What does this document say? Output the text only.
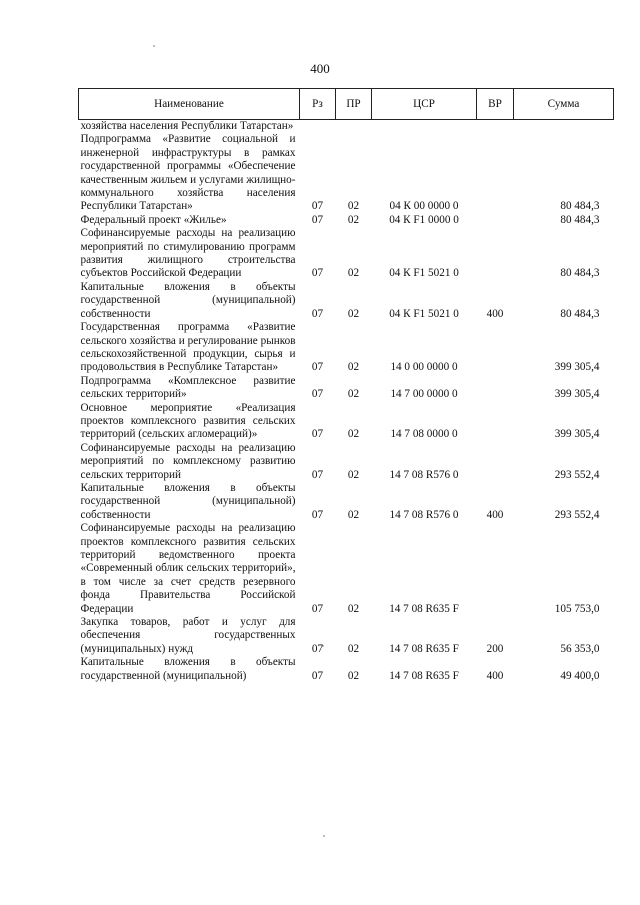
400
Наименование	Рз	ПР	ЦСР	ВР	Сумма
хозяйства населения Республики Татарстан»					
Подпрограмма «Развитие социальной и инженерной инфраструктуры в рамках государственной программы «Обеспечение качественным жильем и услугами жилищно-коммунального хозяйства населения Республики Татарстан»	07	02	04 К 00 0000 0		80 484,3
Федеральный проект «Жилье»	07	02	04 К F1 0000 0		80 484,3
Софинансируемые расходы на реализацию мероприятий по стимулированию программ развития жилищного строительства субъектов Российской Федерации	07	02	04 К F1 5021 0		80 484,3
Капитальные вложения в объекты государственной (муниципальной) собственности	07	02	04 К F1 5021 0	400	80 484,3
Государственная программа «Развитие сельского хозяйства и регулирование рынков сельскохозяйственной продукции, сырья и продовольствия в Республике Татарстан»	07	02	14 0 00 0000 0		399 305,4
Подпрограмма «Комплексное развитие сельских территорий»	07	02	14 7 00 0000 0		399 305,4
Основное мероприятие «Реализация проектов комплексного развития сельских территорий (сельских агломераций)»	07	02	14 7 08 0000 0		399 305,4
Софинансируемые расходы на реализацию мероприятий по комплексному развитию сельских территорий	07	02	14 7 08 R576 0		293 552,4
Капитальные вложения в объекты государственной (муниципальной) собственности	07	02	14 7 08 R576 0	400	293 552,4
Софинансируемые расходы на реализацию проектов комплексного развития сельских территорий ведомственного проекта «Современный облик сельских территорий», в том числе за счет средств резервного фонда Правительства Российской Федерации	07	02	14 7 08 R635 F		105 753,0
Закупка товаров, работ и услуг для обеспечения государственных (муниципальных) нужд	07	02	14 7 08 R635 F	200	56 353,0
Капитальные вложения в объекты государственной (муниципальной)	07	02	14 7 08 R635 F	400	49 400,0
